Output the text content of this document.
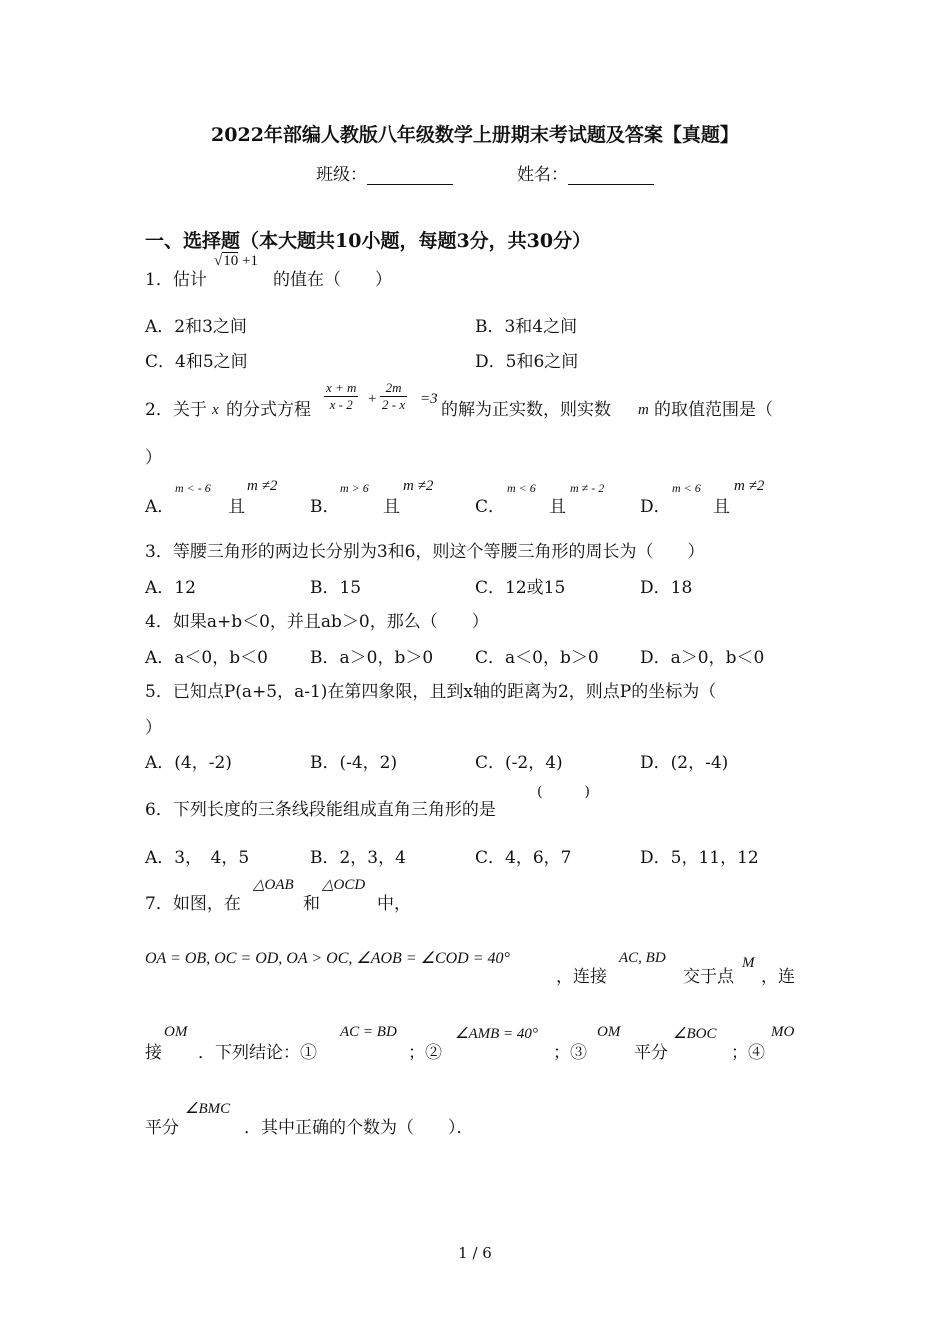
2022年部编人教版八年级数学上册期末考试题及答案【真题】
班级：	姓名：
一、选择题（本大题共10小题，每题3分，共30分）
1．估计
√10 +1
的值在（　　）
A．2和3之间	B．3和4之间
C．4和5之间	D．5和6之间
2．关于 x 的分式方程 $\frac{x + m}{x - 2} + \frac{2m}{2 - x} =3$
的解为正实数，则实数 m 的取值范围是（
）
A．
m < - 6
且
m ≠2
B．
m > 6
且
m ≠2
C．
m < 6
且
m ≠ - 2
D．
m < 6
且
m ≠2
3．等腰三角形的两边长分别为3和6，则这个等腰三角形的周长为（　　）
A．12	B．15	C．12或15	D．18
4．如果a+b＜0，并且ab＞0，那么（　　）
A．a＜0，b＜0 B．a＞0，b＞0 C．a＜0，b＞0 D．a＞0，b＜0
5．已知点P(a+5，a-1)在第四象限，且到x轴的距离为2，则点P的坐标为（
）
A．(4，-2)	B．(-4，2)	C．(-2，4)	D．(2，-4)
6．下列长度的三条线段能组成直角三角形的是
(　　　)
A．3，　4，5	B．2，3，4	C．4，6，7	D．5，11，12
7．如图，在
△OAB
和
△OCD
中，
OA = OB, OC = OD, OA > OC, ∠AOB = ∠COD = 40°
，连接
AC, BD
交于点
M
，连
接
OM
．下列结论：①
AC = BD
；②
∠AMB = 40°
；③
OM
平分
∠BOC
；④
MO
平分
∠BMC
．其中正确的个数为（　　）．
1 / 6
